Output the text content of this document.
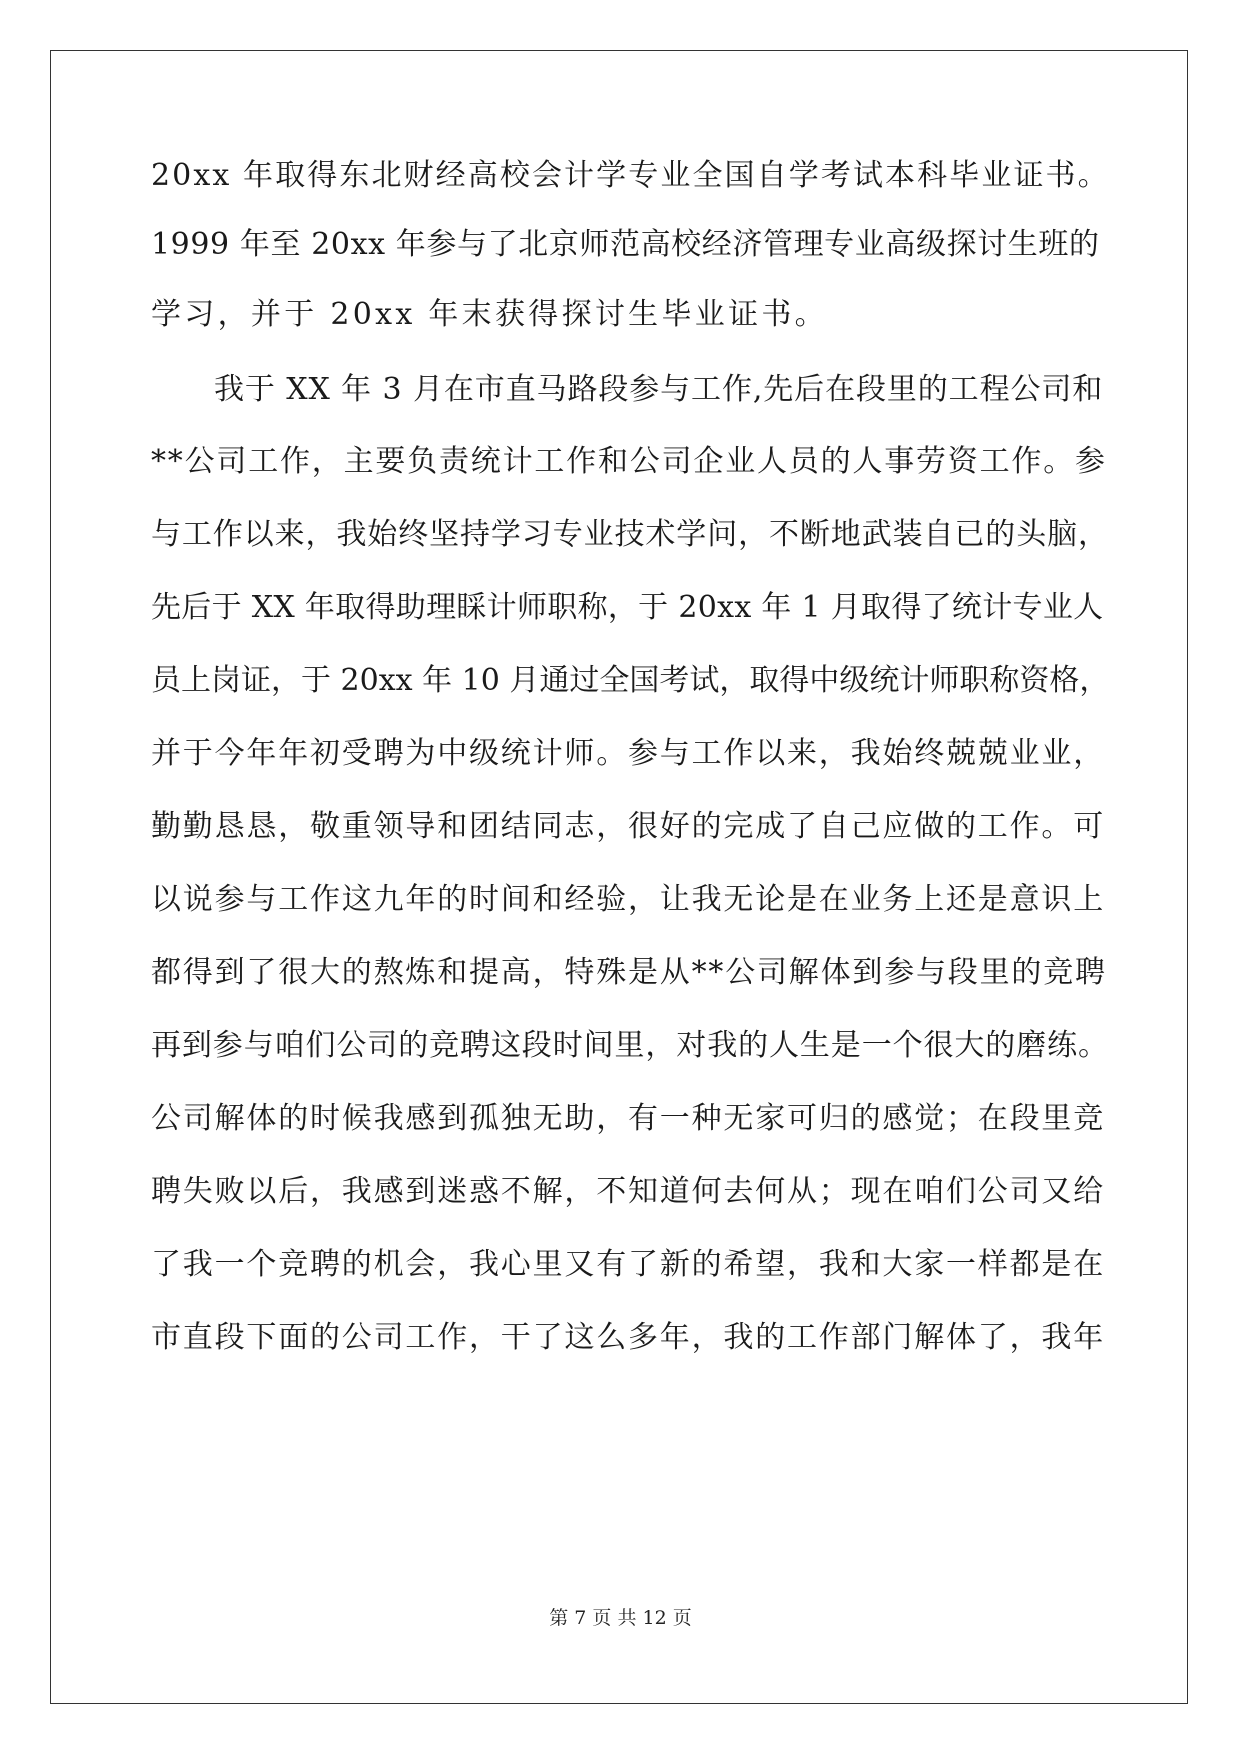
20xx 年取得东北财经高校会计学专业全国自学考试本科毕业证书。
1999 年至 20xx 年参与了北京师范高校经济管理专业高级探讨生班的
学习，并于 20xx 年末获得探讨生毕业证书。
我于 XX 年 3 月在市直马路段参与工作,先后在段里的工程公司和
**公司工作，主要负责统计工作和公司企业人员的人事劳资工作。参
与工作以来，我始终坚持学习专业技术学问，不断地武装自已的头脑，
先后于 XX 年取得助理睬计师职称，于 20xx 年 1 月取得了统计专业人
员上岗证，于 20xx 年 10 月通过全国考试，取得中级统计师职称资格，
并于今年年初受聘为中级统计师。参与工作以来，我始终兢兢业业，
勤勤恳恳，敬重领导和团结同志，很好的完成了自己应做的工作。可
以说参与工作这九年的时间和经验，让我无论是在业务上还是意识上
都得到了很大的熬炼和提高，特殊是从**公司解体到参与段里的竞聘
再到参与咱们公司的竞聘这段时间里，对我的人生是一个很大的磨练。
公司解体的时候我感到孤独无助，有一种无家可归的感觉；在段里竞
聘失败以后，我感到迷惑不解，不知道何去何从；现在咱们公司又给
了我一个竞聘的机会，我心里又有了新的希望，我和大家一样都是在
市直段下面的公司工作，干了这么多年，我的工作部门解体了，我年
第 7 页 共 12 页
